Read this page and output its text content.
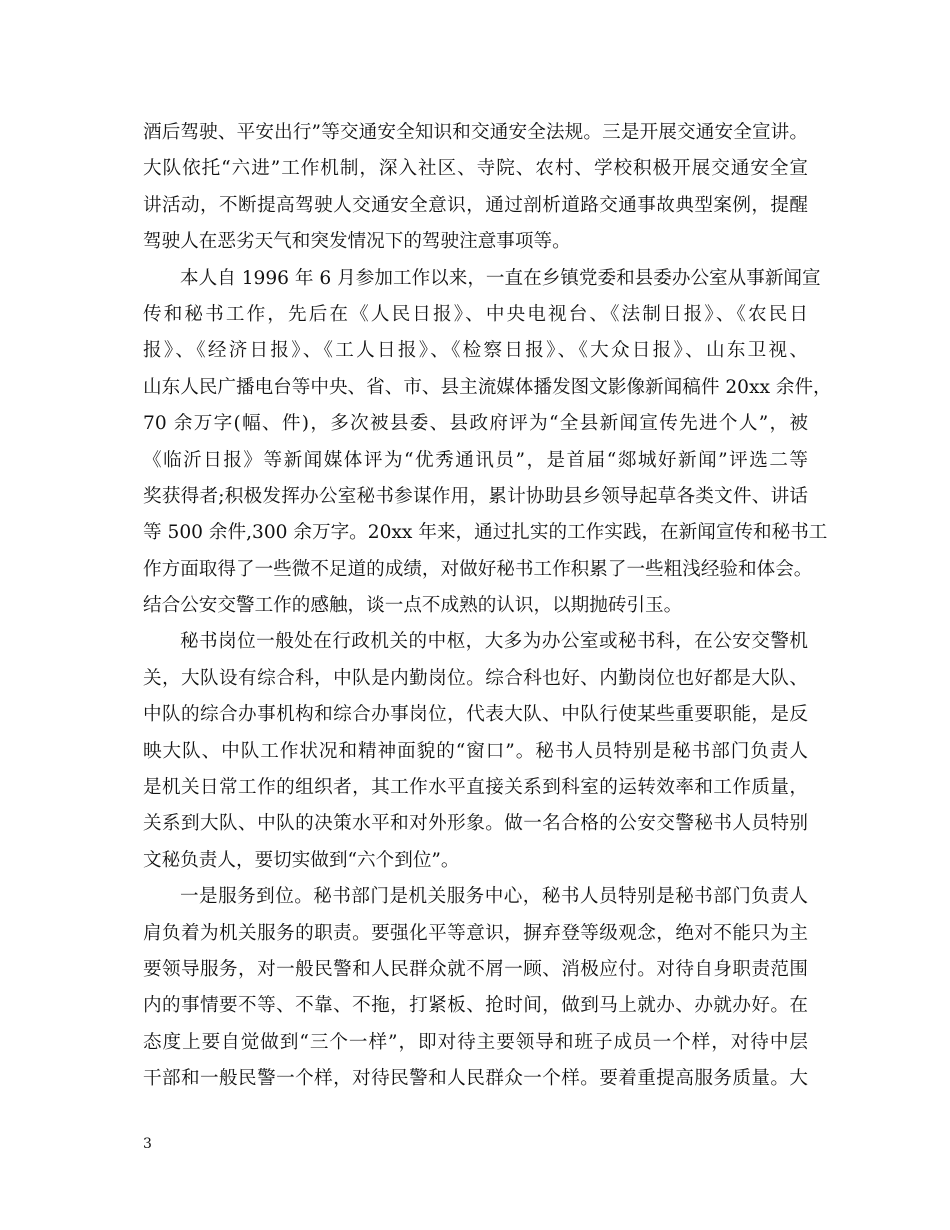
酒后驾驶、平安出行”等交通安全知识和交通安全法规。三是开展交通安全宣讲。
大队依托“六进”工作机制，深入社区、寺院、农村、学校积极开展交通安全宣
讲活动，不断提高驾驶人交通安全意识，通过剖析道路交通事故典型案例，提醒
驾驶人在恶劣天气和突发情况下的驾驶注意事项等。
本人自 1996 年 6 月参加工作以来，一直在乡镇党委和县委办公室从事新闻宣
传和秘书工作，先后在《人民日报》、中央电视台、《法制日报》、《农民日
报》、《经济日报》、《工人日报》、《检察日报》、《大众日报》、山东卫视、
山东人民广播电台等中央、省、市、县主流媒体播发图文影像新闻稿件 20xx 余件，
70 余万字(幅、件)，多次被县委、县政府评为“全县新闻宣传先进个人”，被
《临沂日报》等新闻媒体评为“优秀通讯员”，是首届“郯城好新闻”评选二等
奖获得者;积极发挥办公室秘书参谋作用，累计协助县乡领导起草各类文件、讲话
等 500 余件,300 余万字。20xx 年来，通过扎实的工作实践，在新闻宣传和秘书工
作方面取得了一些微不足道的成绩，对做好秘书工作积累了一些粗浅经验和体会。
结合公安交警工作的感触，谈一点不成熟的认识，以期抛砖引玉。
秘书岗位一般处在行政机关的中枢，大多为办公室或秘书科，在公安交警机
关，大队设有综合科，中队是内勤岗位。综合科也好、内勤岗位也好都是大队、
中队的综合办事机构和综合办事岗位，代表大队、中队行使某些重要职能，是反
映大队、中队工作状况和精神面貌的“窗口”。秘书人员特别是秘书部门负责人
是机关日常工作的组织者，其工作水平直接关系到科室的运转效率和工作质量，
关系到大队、中队的决策水平和对外形象。做一名合格的公安交警秘书人员特别
文秘负责人，要切实做到“六个到位”。
一是服务到位。秘书部门是机关服务中心，秘书人员特别是秘书部门负责人
肩负着为机关服务的职责。要强化平等意识，摒弃登等级观念，绝对不能只为主
要领导服务，对一般民警和人民群众就不屑一顾、消极应付。对待自身职责范围
内的事情要不等、不靠、不拖，打紧板、抢时间，做到马上就办、办就办好。在
态度上要自觉做到“三个一样”，即对待主要领导和班子成员一个样，对待中层
干部和一般民警一个样，对待民警和人民群众一个样。要着重提高服务质量。大
3
